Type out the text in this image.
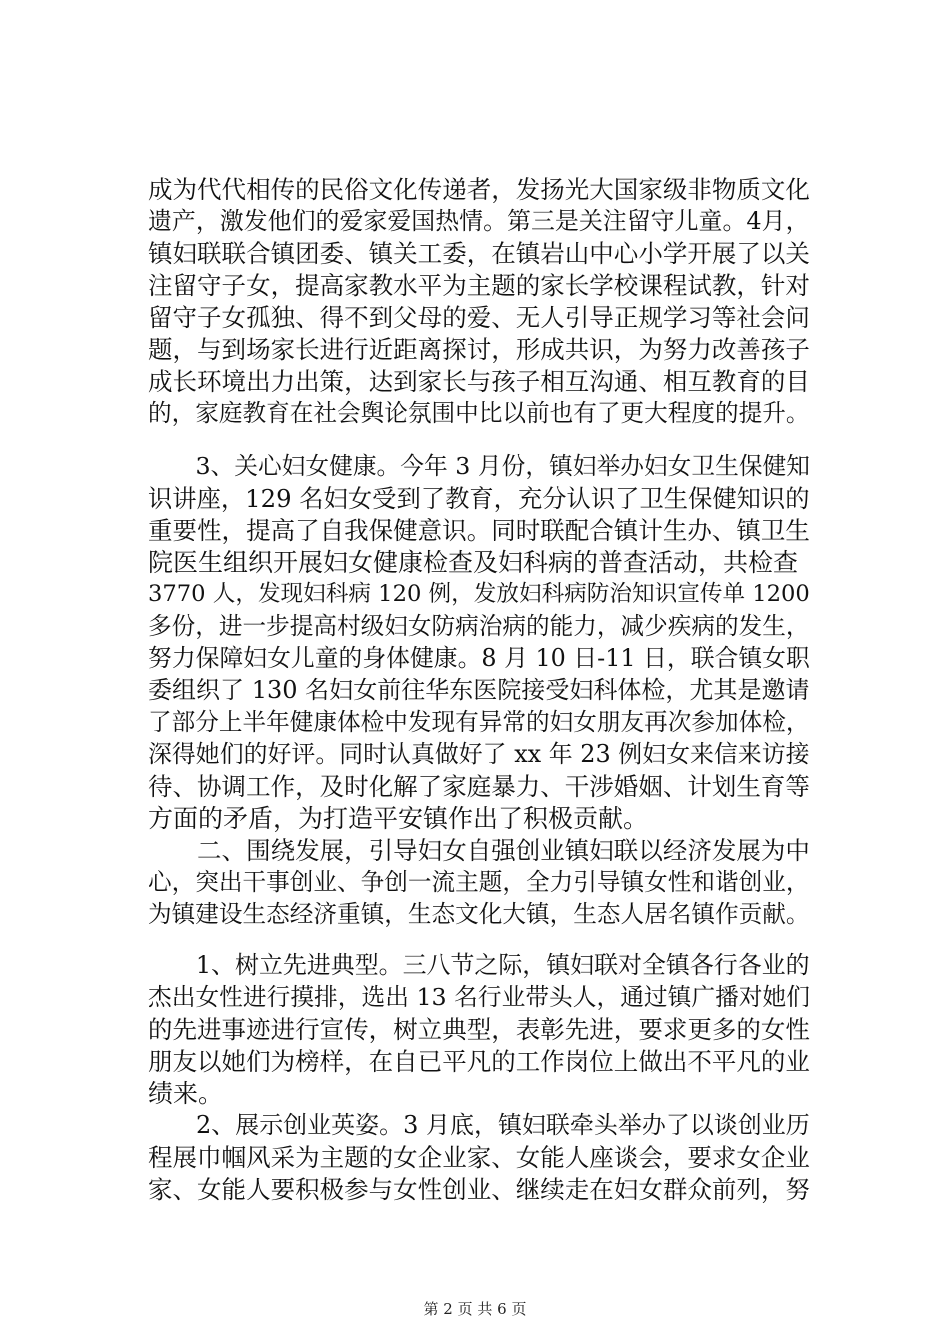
成为代代相传的民俗文化传递者，发扬光大国家级非物质文化
遗产，激发他们的爱家爱国热情。第三是关注留守儿童。4月，
镇妇联联合镇团委、镇关工委，在镇岩山中心小学开展了以关
注留守子女，提高家教水平为主题的家长学校课程试教，针对
留守子女孤独、得不到父母的爱、无人引导正规学习等社会问
题，与到场家长进行近距离探讨，形成共识，为努力改善孩子
成长环境出力出策，达到家长与孩子相互沟通、相互教育的目
的，家庭教育在社会舆论氛围中比以前也有了更大程度的提升。
　　3、关心妇女健康。今年 3 月份，镇妇举办妇女卫生保健知
识讲座，129 名妇女受到了教育，充分认识了卫生保健知识的
重要性，提高了自我保健意识。同时联配合镇计生办、镇卫生
院医生组织开展妇女健康检查及妇科病的普查活动，共检查
3770 人，发现妇科病 120 例，发放妇科病防治知识宣传单 1200
多份，进一步提高村级妇女防病治病的能力，减少疾病的发生，
努力保障妇女儿童的身体健康。8 月 10 日-11 日，联合镇女职
委组织了 130 名妇女前往华东医院接受妇科体检，尤其是邀请
了部分上半年健康体检中发现有异常的妇女朋友再次参加体检，
深得她们的好评。同时认真做好了 xx 年 23 例妇女来信来访接
待、协调工作，及时化解了家庭暴力、干涉婚姻、计划生育等
方面的矛盾，为打造平安镇作出了积极贡献。
　　二、围绕发展，引导妇女自强创业镇妇联以经济发展为中
心，突出干事创业、争创一流主题，全力引导镇女性和谐创业，
为镇建设生态经济重镇，生态文化大镇，生态人居名镇作贡献。
　　1、树立先进典型。三八节之际，镇妇联对全镇各行各业的
杰出女性进行摸排，选出 13 名行业带头人，通过镇广播对她们
的先进事迹进行宣传，树立典型，表彰先进，要求更多的女性
朋友以她们为榜样，在自已平凡的工作岗位上做出不平凡的业
绩来。
　　2、展示创业英姿。3 月底，镇妇联牵头举办了以谈创业历
程展巾帼风采为主题的女企业家、女能人座谈会，要求女企业
家、女能人要积极参与女性创业、继续走在妇女群众前列，努
第 2 页 共 6 页
